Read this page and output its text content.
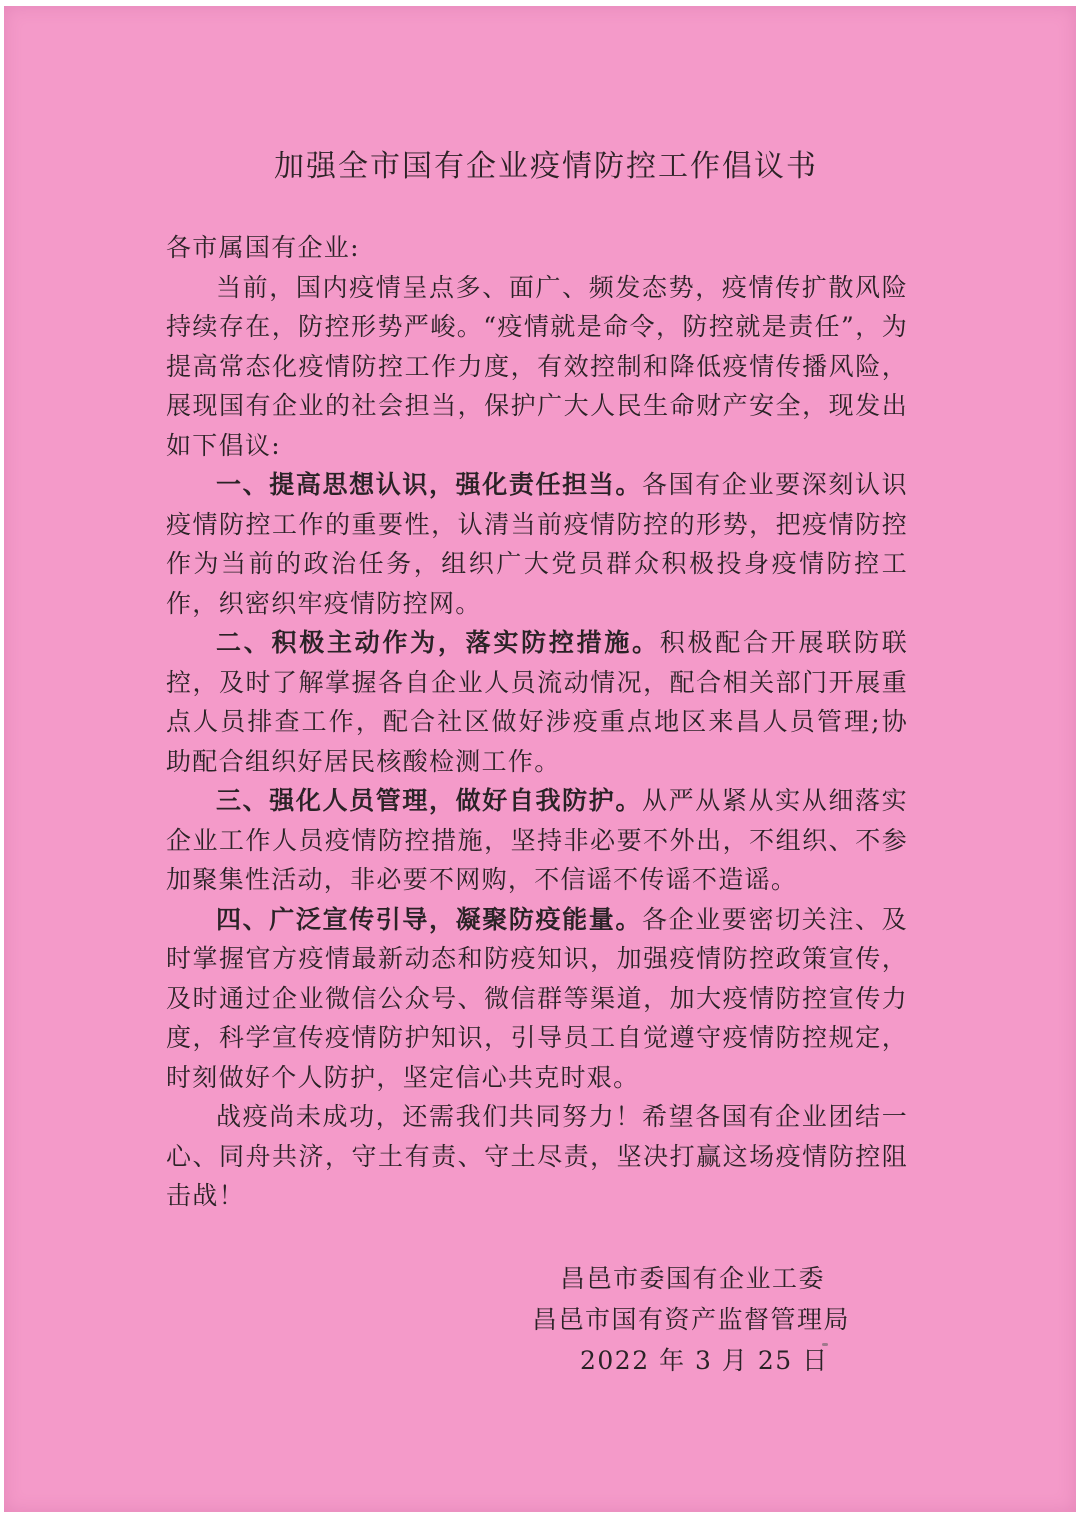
加强全市国有企业疫情防控工作倡议书

各市属国有企业:

当前，国内疫情呈点多、面广、频发态势，疫情传扩散风险持续存在，防控形势严峻。“疫情就是命令，防控就是责任”，为提高常态化疫情防控工作力度，有效控制和降低疫情传播风险，展现国有企业的社会担当，保护广大人民生命财产安全，现发出如下倡议:

一、提高思想认识，强化责任担当。各国有企业要深刻认识疫情防控工作的重要性，认清当前疫情防控的形势，把疫情防控作为当前的政治任务，组织广大党员群众积极投身疫情防控工作，织密织牢疫情防控网。

二、积极主动作为，落实防控措施。积极配合开展联防联控，及时了解掌握各自企业人员流动情况，配合相关部门开展重点人员排查工作，配合社区做好涉疫重点地区来昌人员管理;协助配合组织好居民核酸检测工作。

三、强化人员管理，做好自我防护。从严从紧从实从细落实企业工作人员疫情防控措施，坚持非必要不外出，不组织、不参加聚集性活动，非必要不网购，不信谣不传谣不造谣。

四、广泛宣传引导，凝聚防疫能量。各企业要密切关注、及时掌握官方疫情最新动态和防疫知识，加强疫情防控政策宣传，及时通过企业微信公众号、微信群等渠道，加大疫情防控宣传力度，科学宣传疫情防护知识，引导员工自觉遵守疫情防控规定，时刻做好个人防护，坚定信心共克时艰。

战疫尚未成功，还需我们共同努力！希望各国有企业团结一心、同舟共济，守土有责、守土尽责，坚决打赢这场疫情防控阻击战！

昌邑市委国有企业工委
昌邑市国有资产监督管理局
2022 年 3 月 25 日
